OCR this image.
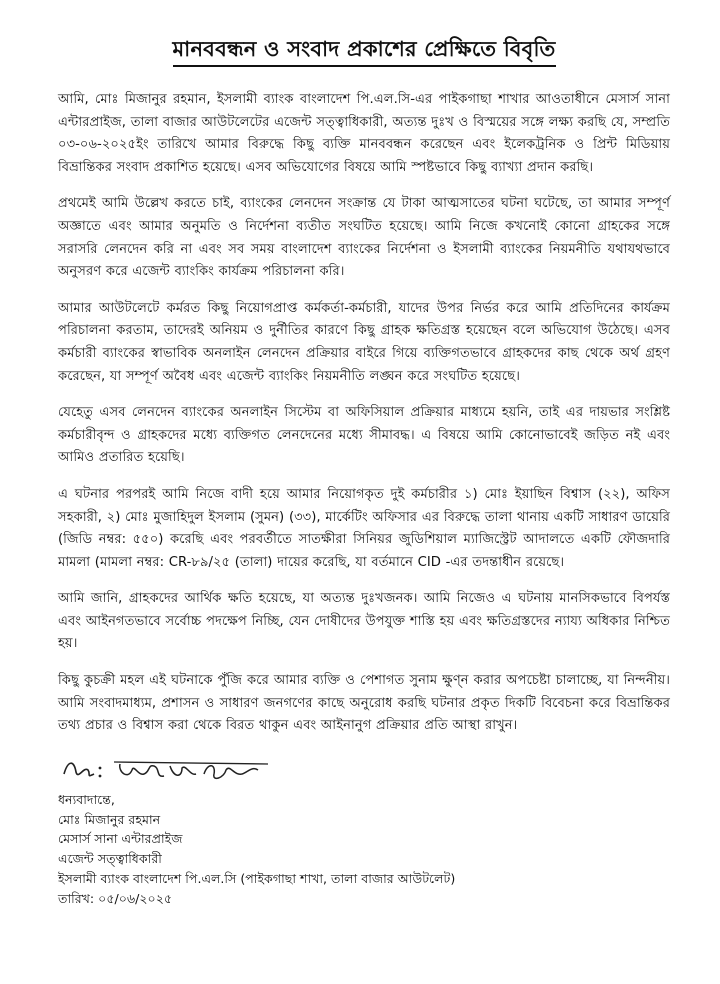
মানববন্ধন ও সংবাদ প্রকাশের প্রেক্ষিতে বিবৃতি

আমি, মোঃ মিজানুর রহমান, ইসলামী ব্যাংক বাংলাদেশ পি.এল.সি-এর পাইকগাছা শাখার আওতাধীনে মেসার্স সানা এন্টারপ্রাইজ, তালা বাজার আউটলেটের এজেন্ট সত্ত্বাধিকারী, অত্যন্ত দুঃখ ও বিস্ময়ের সঙ্গে লক্ষ্য করছি যে, সম্প্রতি ০৩-০৬-২০২৫ইং তারিখে আমার বিরুদ্ধে কিছু ব্যক্তি মানববন্ধন করেছেন এবং ইলেকট্রনিক ও প্রিন্ট মিডিয়ায় বিভ্রান্তিকর সংবাদ প্রকাশিত হয়েছে। এসব অভিযোগের বিষয়ে আমি স্পষ্টভাবে কিছু ব্যাখ্যা প্রদান করছি।

প্রথমেই আমি উল্লেখ করতে চাই, ব্যাংকের লেনদেন সংক্রান্ত যে টাকা আত্মসাতের ঘটনা ঘটেছে, তা আমার সম্পূর্ণ অজ্ঞাতে এবং আমার অনুমতি ও নির্দেশনা ব্যতীত সংঘটিত হয়েছে। আমি নিজে কখনোই কোনো গ্রাহকের সঙ্গে সরাসরি লেনদেন করি না এবং সব সময় বাংলাদেশ ব্যাংকের নির্দেশনা ও ইসলামী ব্যাংকের নিয়মনীতি যথাযথভাবে অনুসরণ করে এজেন্ট ব্যাংকিং কার্যক্রম পরিচালনা করি।

আমার আউটলেটে কর্মরত কিছু নিয়োগপ্রাপ্ত কর্মকর্তা-কর্মচারী, যাদের উপর নির্ভর করে আমি প্রতিদিনের কার্যক্রম পরিচালনা করতাম, তাদেরই অনিয়ম ও দুর্নীতির কারণে কিছু গ্রাহক ক্ষতিগ্রস্ত হয়েছেন বলে অভিযোগ উঠেছে। এসব কর্মচারী ব্যাংকের স্বাভাবিক অনলাইন লেনদেন প্রক্রিয়ার বাইরে গিয়ে ব্যক্তিগতভাবে গ্রাহকদের কাছ থেকে অর্থ গ্রহণ করেছেন, যা সম্পূর্ণ অবৈধ এবং এজেন্ট ব্যাংকিং নিয়মনীতি লঙ্ঘন করে সংঘটিত হয়েছে।

যেহেতু এসব লেনদেন ব্যাংকের অনলাইন সিস্টেম বা অফিসিয়াল প্রক্রিয়ার মাধ্যমে হয়নি, তাই এর দায়ভার সংশ্লিষ্ট কর্মচারীবৃন্দ ও গ্রাহকদের মধ্যে ব্যক্তিগত লেনদেনের মধ্যে সীমাবদ্ধ। এ বিষয়ে আমি কোনোভাবেই জড়িত নই এবং আমিও প্রতারিত হয়েছি।

এ ঘটনার পরপরই আমি নিজে বাদী হয়ে আমার নিয়োগকৃত দুই কর্মচারীর ১) মোঃ ইয়াছিন বিশ্বাস (২২), অফিস সহকারী, ২) মোঃ মুজাহিদুল ইসলাম (সুমন) (৩৩), মার্কেটিং অফিসার এর বিরুদ্ধে তালা থানায় একটি সাধারণ ডায়েরি (জিডি নম্বর: ৫৫০) করেছি এবং পরবর্তীতে সাতক্ষীরা সিনিয়র জুডিশিয়াল ম্যাজিস্ট্রেট আদালতে একটি ফৌজদারি মামলা (মামলা নম্বর: CR-৮৯/২৫ (তালা) দায়ের করেছি, যা বর্তমানে CID -এর তদন্তাধীন রয়েছে।

আমি জানি, গ্রাহকদের আর্থিক ক্ষতি হয়েছে, যা অত্যন্ত দুঃখজনক। আমি নিজেও এ ঘটনায় মানসিকভাবে বিপর্যস্ত এবং আইনগতভাবে সর্বোচ্চ পদক্ষেপ নিচ্ছি, যেন দোষীদের উপযুক্ত শাস্তি হয় এবং ক্ষতিগ্রস্তদের ন্যায্য অধিকার নিশ্চিত হয়।

কিছু কুচক্রী মহল এই ঘটনাকে পুঁজি করে আমার ব্যক্তি ও পেশাগত সুনাম ক্ষুণ্ন করার অপচেষ্টা চালাচ্ছে, যা নিন্দনীয়। আমি সংবাদমাধ্যম, প্রশাসন ও সাধারণ জনগণের কাছে অনুরোধ করছি ঘটনার প্রকৃত দিকটি বিবেচনা করে বিভ্রান্তিকর তথ্য প্রচার ও বিশ্বাস করা থেকে বিরত থাকুন এবং আইনানুগ প্রক্রিয়ার প্রতি আস্থা রাখুন।

ধন্যবাদান্তে,
মোঃ মিজানুর রহমান
মেসার্স সানা এন্টারপ্রাইজ
এজেন্ট সত্ত্বাধিকারী
ইসলামী ব্যাংক বাংলাদেশ পি.এল.সি (পাইকগাছা শাখা, তালা বাজার আউটলেট)
তারিখ: ০৫/০৬/২০২৫
